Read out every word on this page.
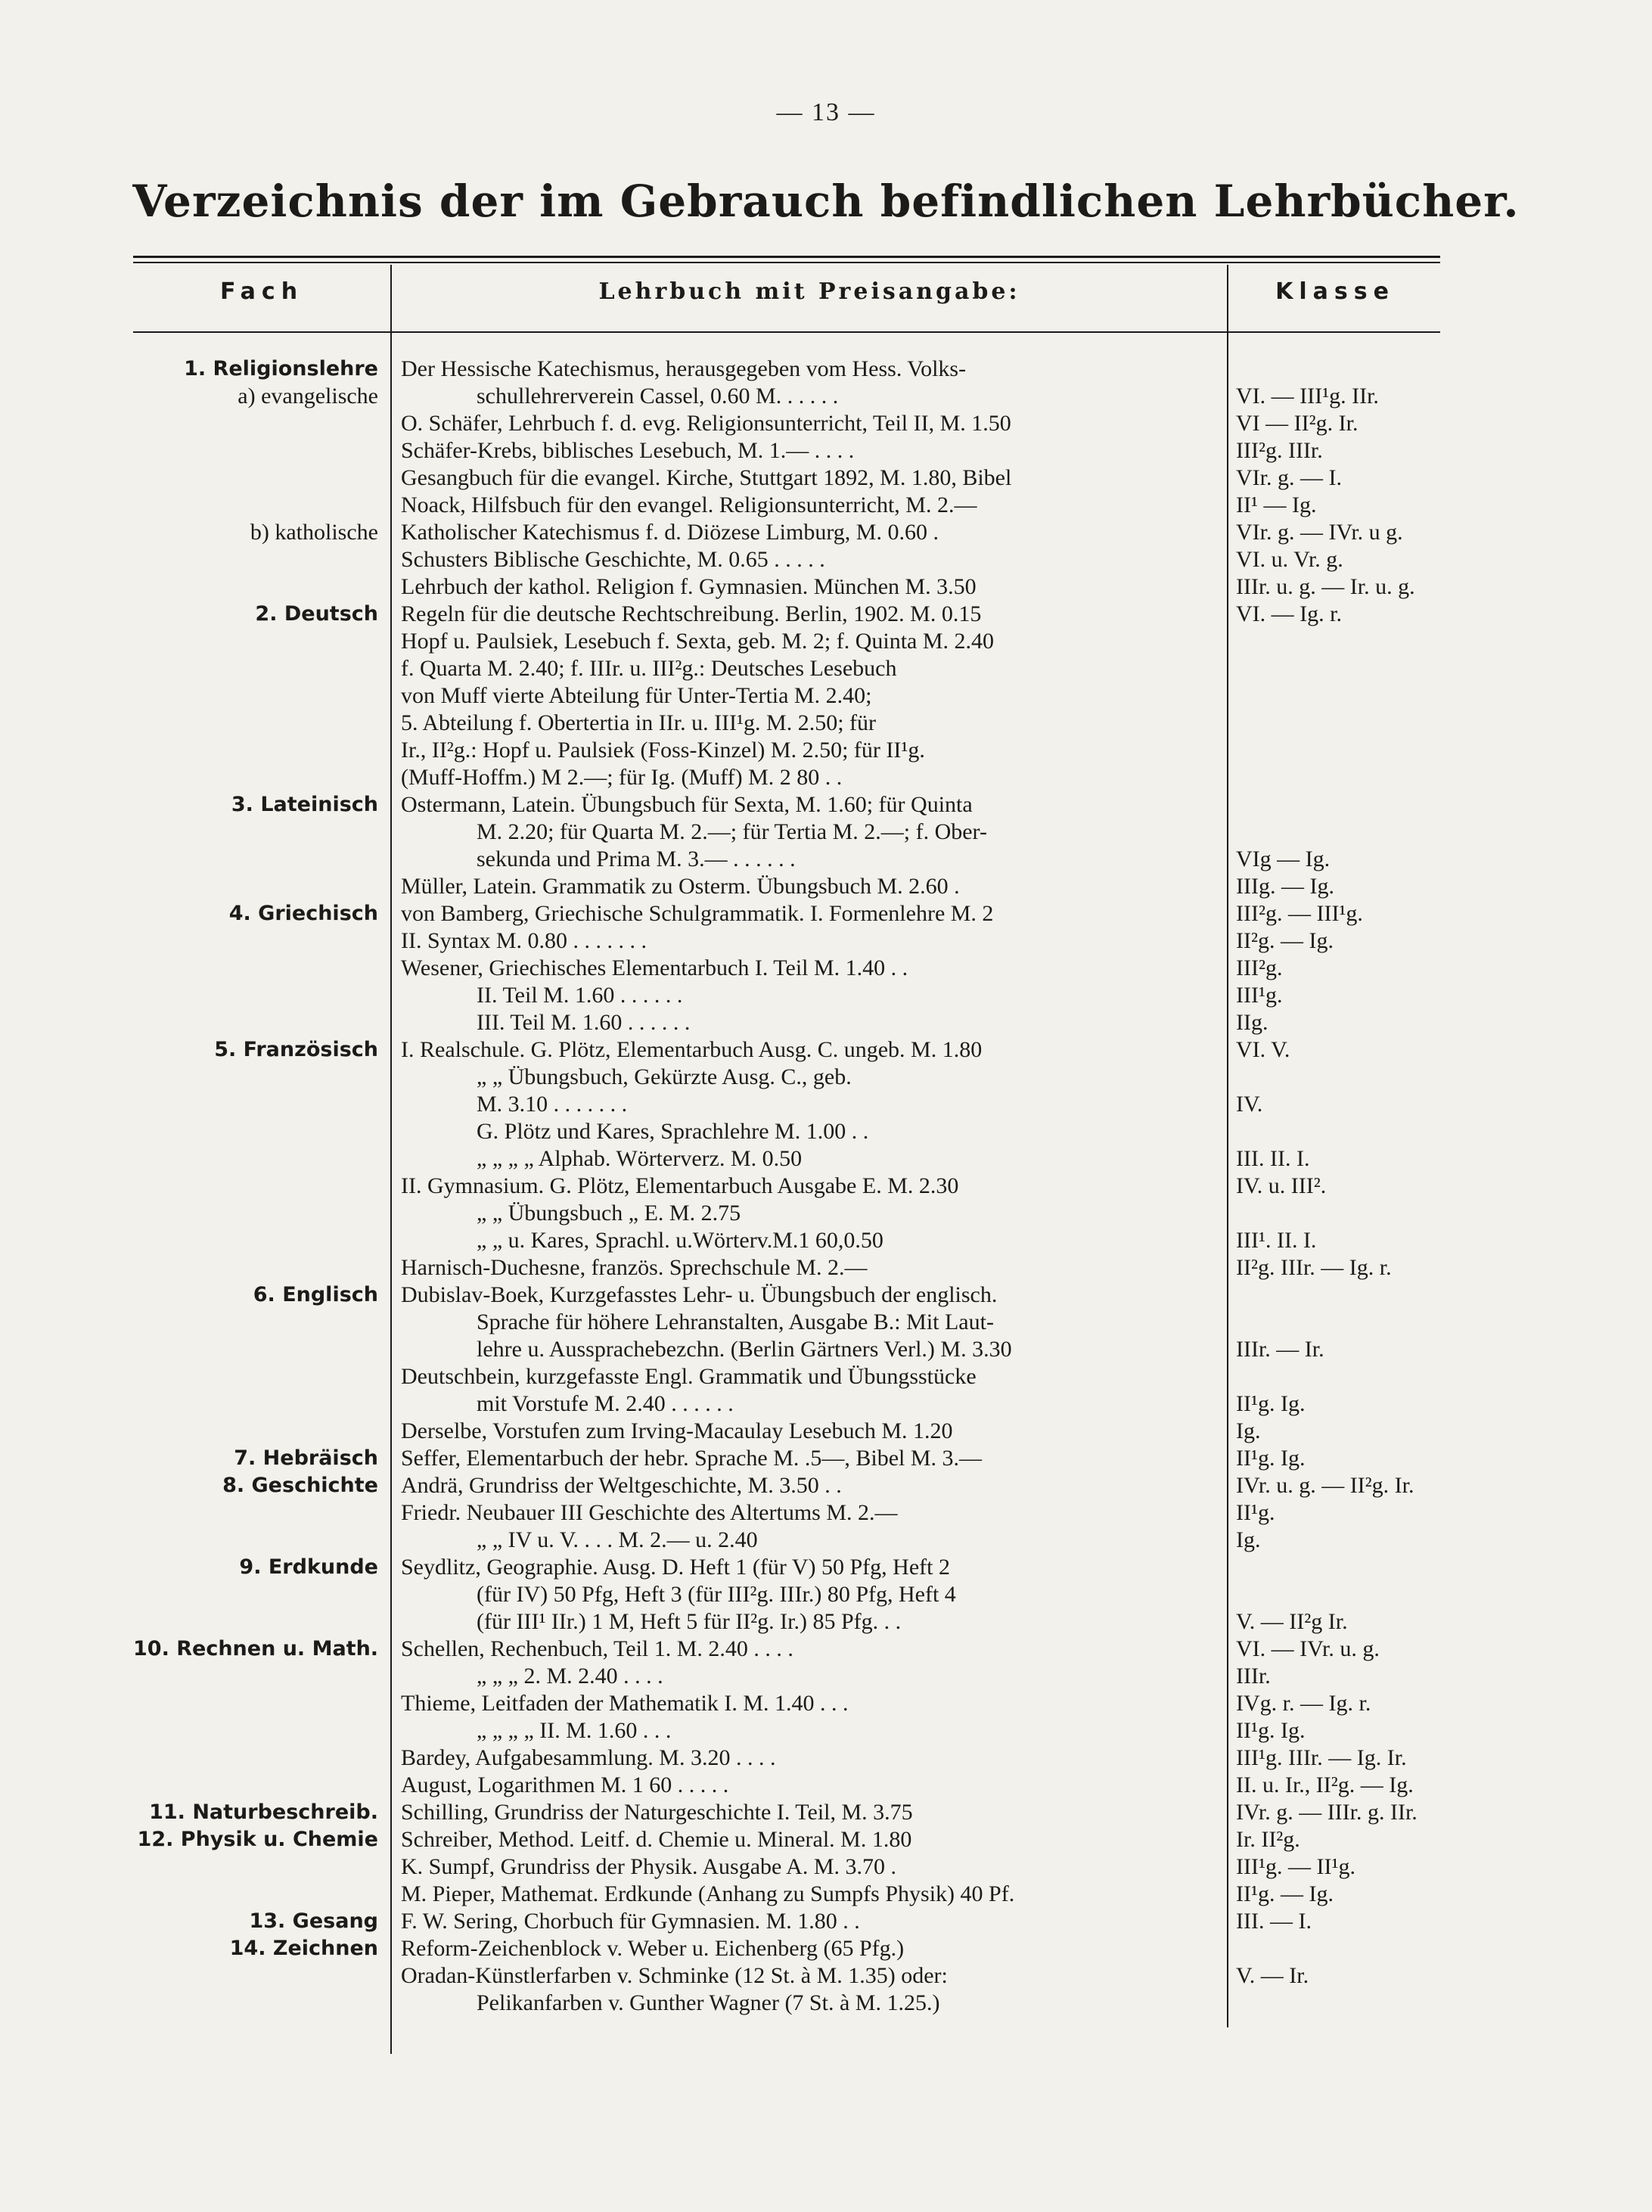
— 13 —
Verzeichnis der im Gebrauch befindlichen Lehrbücher.
Fach	Lehrbuch mit Preisangabe:	Klasse
1. Religionslehre	Der Hessische Katechismus, herausgegeben vom Hess. Volks-
a) evangelische	schullehrerverein Cassel, 0.60 M. . . . . .	VI. — III¹g. IIr.
O. Schäfer, Lehrbuch f. d. evg. Religionsunterricht, Teil II, M. 1.50	VI — II²g. Ir.
Schäfer-Krebs, biblisches Lesebuch, M. 1.— . . . .	III²g. IIIr.
Gesangbuch für die evangel. Kirche, Stuttgart 1892, M. 1.80, Bibel	VIr. g. — I.
Noack, Hilfsbuch für den evangel. Religionsunterricht, M. 2.—	II¹ — Ig.
b) katholische	Katholischer Katechismus f. d. Diözese Limburg, M. 0.60 .	VIr. g. — IVr. u g.
Schusters Biblische Geschichte, M. 0.65 . . . . .	VI. u. Vr. g.
Lehrbuch der kathol. Religion f. Gymnasien. München M. 3.50	IIIr. u. g. — Ir. u. g.
2. Deutsch	Regeln für die deutsche Rechtschreibung. Berlin, 1902. M. 0.15	VI. — Ig. r.
Hopf u. Paulsiek, Lesebuch f. Sexta, geb. M. 2; f. Quinta M. 2.40
f. Quarta M. 2.40; f. IIIr. u. III²g.: Deutsches Lesebuch
von Muff vierte Abteilung für Unter-Tertia M. 2.40;
5. Abteilung f. Obertertia in IIr. u. III¹g. M. 2.50; für
Ir., II²g.: Hopf u. Paulsiek (Foss-Kinzel) M. 2.50; für II¹g.
(Muff-Hoffm.) M 2.—; für Ig. (Muff) M. 2 80 . .
3. Lateinisch	Ostermann, Latein. Übungsbuch für Sexta, M. 1.60; für Quinta
M. 2.20; für Quarta M. 2.—; für Tertia M. 2.—; f. Ober-
sekunda und Prima M. 3.— . . . . . .	VIg — Ig.
Müller, Latein. Grammatik zu Osterm. Übungsbuch M. 2.60 .	IIIg. — Ig.
4. Griechisch	von Bamberg, Griechische Schulgrammatik. I. Formenlehre M. 2	III²g. — III¹g.
II. Syntax M. 0.80 . . . . . . .	II²g. — Ig.
Wesener, Griechisches Elementarbuch I. Teil M. 1.40 . .	III²g.
II. Teil M. 1.60 . . . . . .	III¹g.
III. Teil M. 1.60 . . . . . .	IIg.
5. Französisch	I. Realschule. G. Plötz, Elementarbuch Ausg. C. ungeb. M. 1.80	VI. V.
„ „ Übungsbuch, Gekürzte Ausg. C., geb.
M. 3.10 . . . . . . .	IV.
G. Plötz und Kares, Sprachlehre M. 1.00 . .
„ „ „ „ Alphab. Wörterverz. M. 0.50	III. II. I.
II. Gymnasium. G. Plötz, Elementarbuch Ausgabe E. M. 2.30	IV. u. III².
„ „ Übungsbuch „ E. M. 2.75
„ „ u. Kares, Sprachl. u.Wörterv.M.1 60,0.50	III¹. II. I.
Harnisch-Duchesne, französ. Sprechschule M. 2.—	II²g. IIIr. — Ig. r.
6. Englisch	Dubislav-Boek, Kurzgefasstes Lehr- u. Übungsbuch der englisch.
Sprache für höhere Lehranstalten, Ausgabe B.: Mit Laut-
lehre u. Aussprachebezchn. (Berlin Gärtners Verl.) M. 3.30	IIIr. — Ir.
Deutschbein, kurzgefasste Engl. Grammatik und Übungsstücke
mit Vorstufe M. 2.40 . . . . . .	II¹g. Ig.
Derselbe, Vorstufen zum Irving-Macaulay Lesebuch M. 1.20	Ig.
7. Hebräisch	Seffer, Elementarbuch der hebr. Sprache M. .5—, Bibel M. 3.—	II¹g. Ig.
8. Geschichte	Andrä, Grundriss der Weltgeschichte, M. 3.50 . .	IVr. u. g. — II²g. Ir.
Friedr. Neubauer III Geschichte des Altertums M. 2.—	II¹g.
„ „ IV u. V. . . . M. 2.— u. 2.40	Ig.
9. Erdkunde	Seydlitz, Geographie. Ausg. D. Heft 1 (für V) 50 Pfg, Heft 2
(für IV) 50 Pfg, Heft 3 (für III²g. IIIr.) 80 Pfg, Heft 4
(für III¹ IIr.) 1 M, Heft 5 für II²g. Ir.) 85 Pfg. . .	V. — II²g Ir.
10. Rechnen u. Math. Schellen, Rechenbuch, Teil 1. M. 2.40 . . . .	VI. — IVr. u. g.
„ „ „ 2. M. 2.40 . . . .	IIIr.
Thieme, Leitfaden der Mathematik I. M. 1.40 . . .	IVg. r. — Ig. r.
„ „ „ „ II. M. 1.60 . . .	II¹g. Ig.
Bardey, Aufgabesammlung. M. 3.20 . . . .	III¹g. IIIr. — Ig. Ir.
August, Logarithmen M. 1 60 . . . . .	II. u. Ir., II²g. — Ig.
11. Naturbeschreib.	Schilling, Grundriss der Naturgeschichte I. Teil, M. 3.75	IVr. g. — IIIr. g. IIr.
12. Physik u. Chemie	Schreiber, Method. Leitf. d. Chemie u. Mineral. M. 1.80	Ir. II²g.
K. Sumpf, Grundriss der Physik. Ausgabe A. M. 3.70 .	III¹g. — II¹g.
M. Pieper, Mathemat. Erdkunde (Anhang zu Sumpfs Physik) 40 Pf.	II¹g. — Ig.
13. Gesang	F. W. Sering, Chorbuch für Gymnasien. M. 1.80 . .	III. — I.
14. Zeichnen	Reform-Zeichenblock v. Weber u. Eichenberg (65 Pfg.)
Oradan-Künstlerfarben v. Schminke (12 St. à M. 1.35) oder:	V. — Ir.
Pelikanfarben v. Gunther Wagner (7 St. à M. 1.25.)
